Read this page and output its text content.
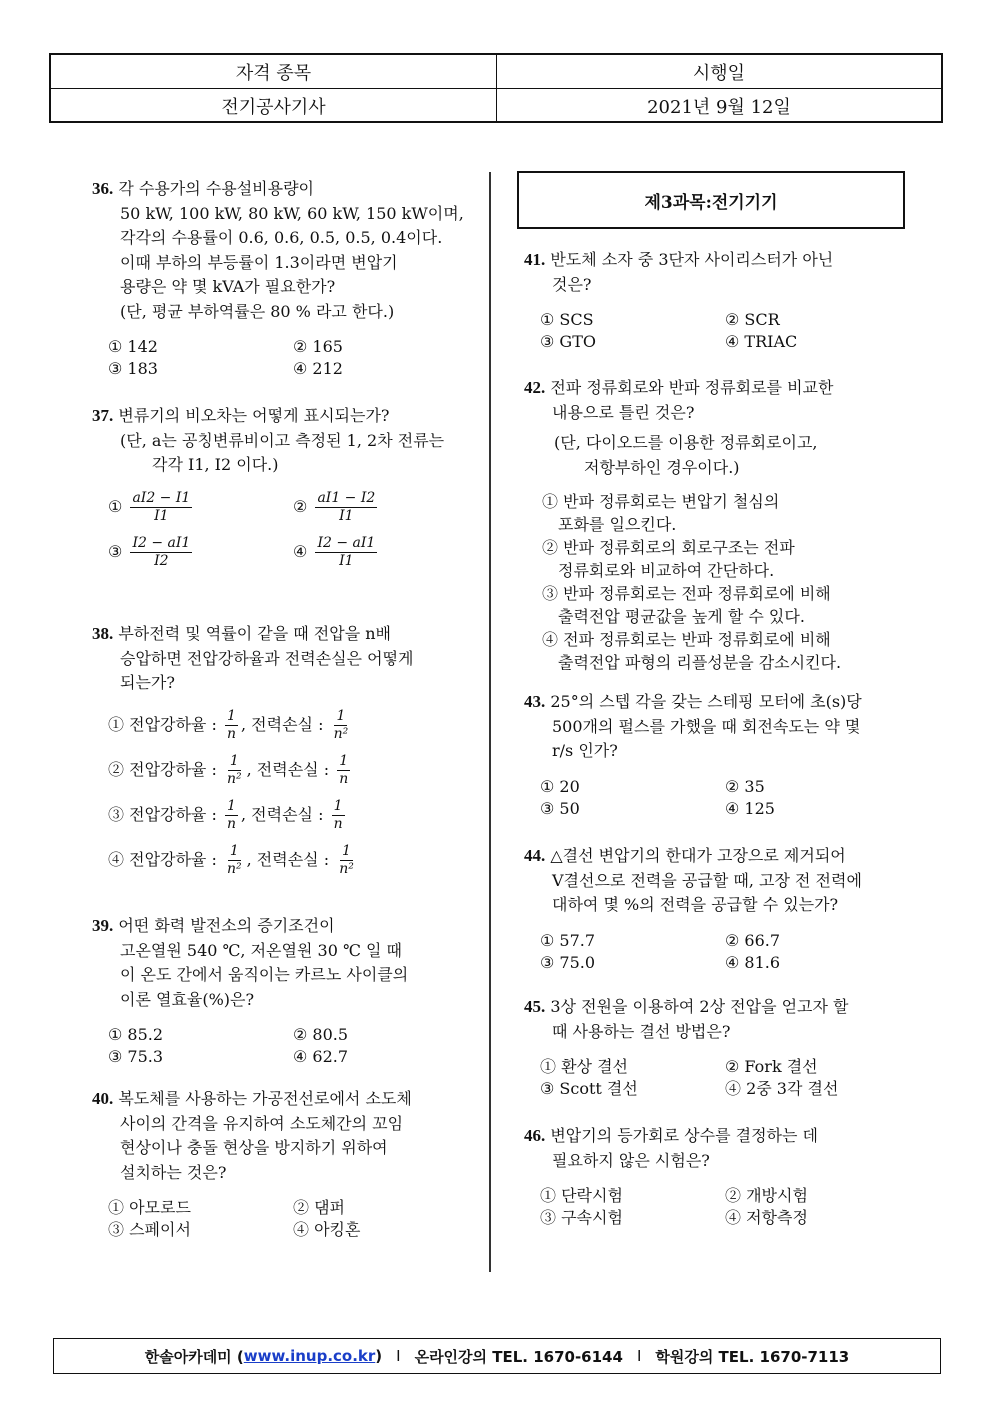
자격 종목	시행일
전기공사기사	2021년 9월 12일
36. 각 수용가의 수용설비용량이
50 kW, 100 kW, 80 kW, 60 kW, 150 kW이며,
각각의 수용률이 0.6, 0.6, 0.5, 0.5, 0.4이다.
이때 부하의 부등률이 1.3이라면 변압기
용량은 약 몇 kVA가 필요한가?
(단, 평균 부하역률은 80 % 라고 한다.)
① 142	② 165
③ 183	④ 212
37. 변류기의 비오차는 어떻게 표시되는가?
(단, a는 공칭변류비이고 측정된 1, 2차 전류는
각각 I1, I2 이다.)
① $\frac{aI2 - I1}{I1}$	② $\frac{aI1 - I2}{I1}$
③ $\frac{I2 - aI1}{I2}$	④ $\frac{I2 - aI1}{I1}$
38. 부하전력 및 역률이 같을 때 전압을 n배
승압하면 전압강하율과 전력손실은 어떻게
되는가?
① 전압강하율 : $\frac{1}{n}$ , 전력손실 : $\frac{1}{\text{n²}}$
② 전압강하율 : $\frac{1}{\text{n²}}$ , 전력손실 : $\frac{1}{n}$
③ 전압강하율 : $\frac{1}{n}$ , 전력손실 : $\frac{1}{n}$
④ 전압강하율 : $\frac{1}{\text{n²}}$ , 전력손실 : $\frac{1}{\text{n²}}$
39. 어떤 화력 발전소의 증기조건이
고온열원 540 ℃, 저온열원 30 ℃ 일 때
이 온도 간에서 움직이는 카르노 사이클의
이론 열효율(%)은?
① 85.2	② 80.5
③ 75.3	④ 62.7
40. 복도체를 사용하는 가공전선로에서 소도체
사이의 간격을 유지하여 소도체간의 꼬임
현상이나 충돌 현상을 방지하기 위하여
설치하는 것은?
① 아모로드	② 댐퍼
③ 스페이서	④ 아킹혼
제3과목:전기기기
41. 반도체 소자 중 3단자 사이리스터가 아닌
것은?
① SCS	② SCR
③ GTO	④ TRIAC
42. 전파 정류회로와 반파 정류회로를 비교한
내용으로 틀린 것은?
(단, 다이오드를 이용한 정류회로이고,
저항부하인 경우이다.)
① 반파 정류회로는 변압기 철심의
포화를 일으킨다.
② 반파 정류회로의 회로구조는 전파
정류회로와 비교하여 간단하다.
③ 반파 정류회로는 전파 정류회로에 비해
출력전압 평균값을 높게 할 수 있다.
④ 전파 정류회로는 반파 정류회로에 비해
출력전압 파형의 리플성분을 감소시킨다.
43. 25°의 스텝 각을 갖는 스테핑 모터에 초(s)당
500개의 펄스를 가했을 때 회전속도는 약 몇
r/s 인가?
① 20	② 35
③ 50	④ 125
44. △결선 변압기의 한대가 고장으로 제거되어
V결선으로 전력을 공급할 때, 고장 전 전력에
대하여 몇 %의 전력을 공급할 수 있는가?
① 57.7	② 66.7
③ 75.0	④ 81.6
45. 3상 전원을 이용하여 2상 전압을 얻고자 할
때 사용하는 결선 방법은?
① 환상 결선	② Fork 결선
③ Scott 결선	④ 2중 3각 결선
46. 변압기의 등가회로 상수를 결정하는 데
필요하지 않은 시험은?
① 단락시험	② 개방시험
③ 구속시험	④ 저항측정
한솔아카데미 ( www.inup.co.kr ) I 온라인강의 TEL. 1670-6144 I 학원강의 TEL. 1670-7113
